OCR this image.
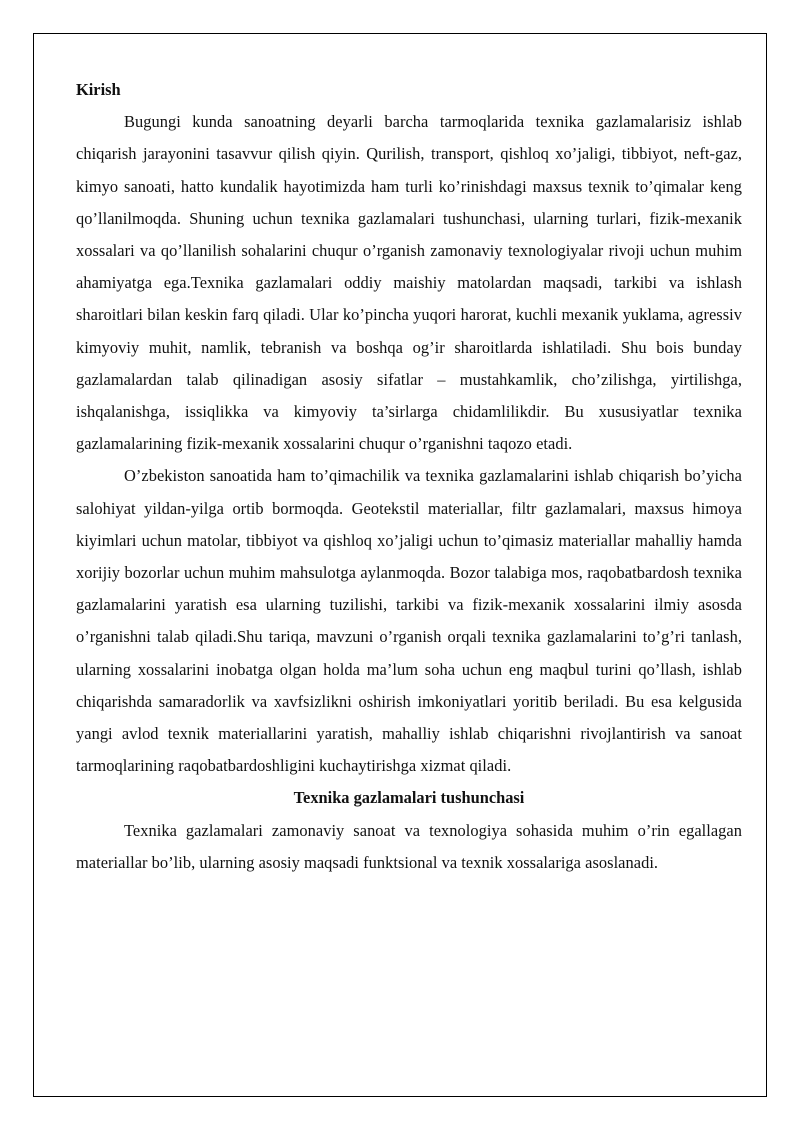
Kirish

Bugungi kunda sanoatning deyarli barcha tarmoqlarida texnika gazlamalarisiz ishlab chiqarish jarayonini tasavvur qilish qiyin. Qurilish, transport, qishloq xo’jaligi, tibbiyot, neft-gaz, kimyo sanoati, hatto kundalik hayotimizda ham turli ko’rinishdagi maxsus texnik to’qimalar keng qo’llanilmoqda. Shuning uchun texnika gazlamalari tushunchasi, ularning turlari, fizik-mexanik xossalari va qo’llanilish sohalarini chuqur o’rganish zamonaviy texnologiyalar rivoji uchun muhim ahamiyatga ega.Texnika gazlamalari oddiy maishiy matolardan maqsadi, tarkibi va ishlash sharoitlari bilan keskin farq qiladi. Ular ko’pincha yuqori harorat, kuchli mexanik yuklama, agressiv kimyoviy muhit, namlik, tebranish va boshqa og’ir sharoitlarda ishlatiladi. Shu bois bunday gazlamalardan talab qilinadigan asosiy sifatlar – mustahkamlik, cho’zilishga, yirtilishga, ishqalanishga, issiqlikka va kimyoviy ta’sirlarga chidamlilikdir. Bu xususiyatlar texnika gazlamalarining fizik-mexanik xossalarini chuqur o’rganishni taqozo etadi.

O’zbekiston sanoatida ham to’qimachilik va texnika gazlamalarini ishlab chiqarish bo’yicha salohiyat yildan-yilga ortib bormoqda. Geotekstil materiallar, filtr gazlamalari, maxsus himoya kiyimlari uchun matolar, tibbiyot va qishloq xo’jaligi uchun to’qimasiz materiallar mahalliy hamda xorijiy bozorlar uchun muhim mahsulotga aylanmoqda. Bozor talabiga mos, raqobatbardosh texnika gazlamalarini yaratish esa ularning tuzilishi, tarkibi va fizik-mexanik xossalarini ilmiy asosda o’rganishni talab qiladi.Shu tariqa, mavzuni o’rganish orqali texnika gazlamalarini to’g’ri tanlash, ularning xossalarini inobatga olgan holda ma’lum soha uchun eng maqbul turini qo’llash, ishlab chiqarishda samaradorlik va xavfsizlikni oshirish imkoniyatlari yoritib beriladi. Bu esa kelgusida yangi avlod texnik materiallarini yaratish, mahalliy ishlab chiqarishni rivojlantirish va sanoat tarmoqlarining raqobatbardoshligini kuchaytirishga xizmat qiladi.

Texnika gazlamalari tushunchasi

Texnika gazlamalari zamonaviy sanoat va texnologiya sohasida muhim o’rin egallagan materiallar bo’lib, ularning asosiy maqsadi funktsional va texnik xossalariga asoslanadi.
